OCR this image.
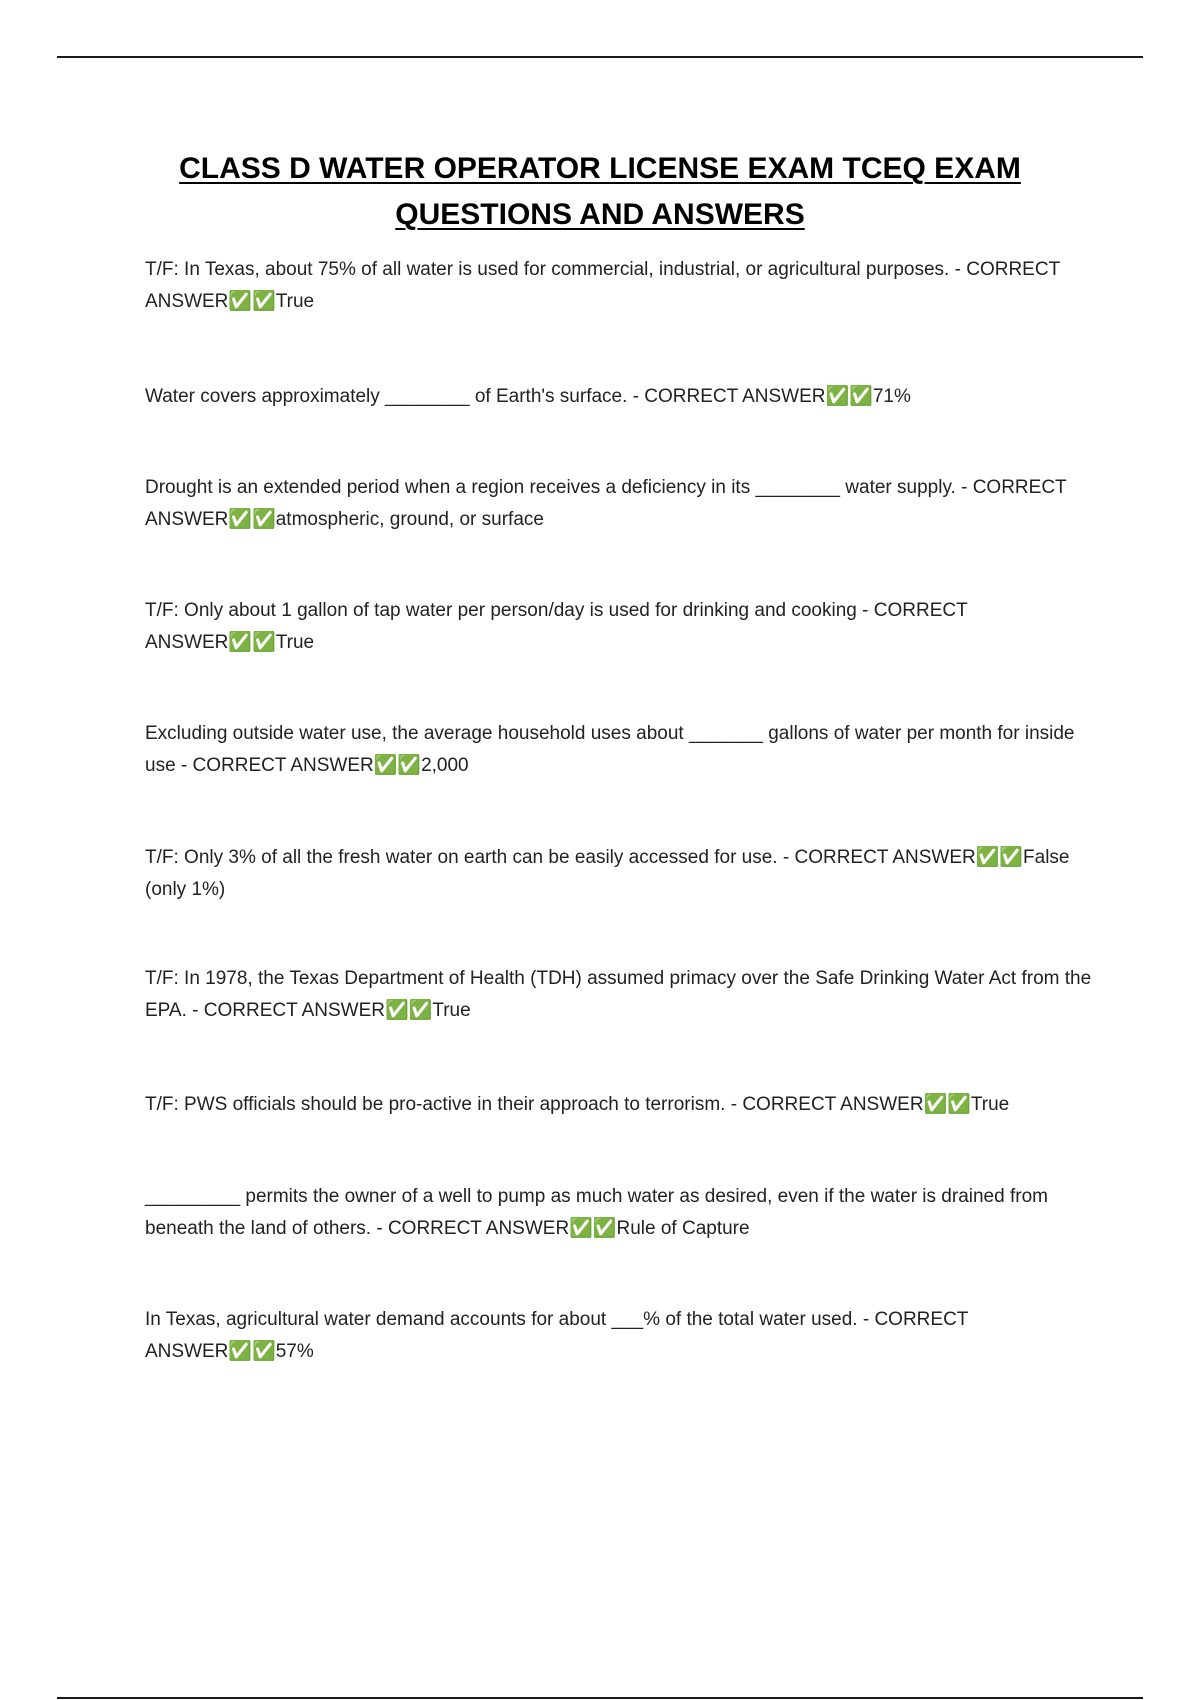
CLASS D WATER OPERATOR LICENSE EXAM TCEQ EXAM
QUESTIONS AND ANSWERS

T/F: In Texas, about 75% of all water is used for commercial, industrial, or agricultural purposes. - CORRECT ANSWER✅✅True

Water covers approximately ________ of Earth's surface. - CORRECT ANSWER✅✅71%

Drought is an extended period when a region receives a deficiency in its ________ water supply. - CORRECT ANSWER✅✅atmospheric, ground, or surface

T/F: Only about 1 gallon of tap water per person/day is used for drinking and cooking - CORRECT ANSWER✅✅True

Excluding outside water use, the average household uses about _______ gallons of water per month for inside use - CORRECT ANSWER✅✅2,000

T/F: Only 3% of all the fresh water on earth can be easily accessed for use. - CORRECT ANSWER✅✅False (only 1%)

T/F: In 1978, the Texas Department of Health (TDH) assumed primacy over the Safe Drinking Water Act from the EPA. - CORRECT ANSWER✅✅True

T/F: PWS officials should be pro-active in their approach to terrorism. - CORRECT ANSWER✅✅True

_________ permits the owner of a well to pump as much water as desired, even if the water is drained from beneath the land of others. - CORRECT ANSWER✅✅Rule of Capture

In Texas, agricultural water demand accounts for about ___% of the total water used. - CORRECT ANSWER✅✅57%
